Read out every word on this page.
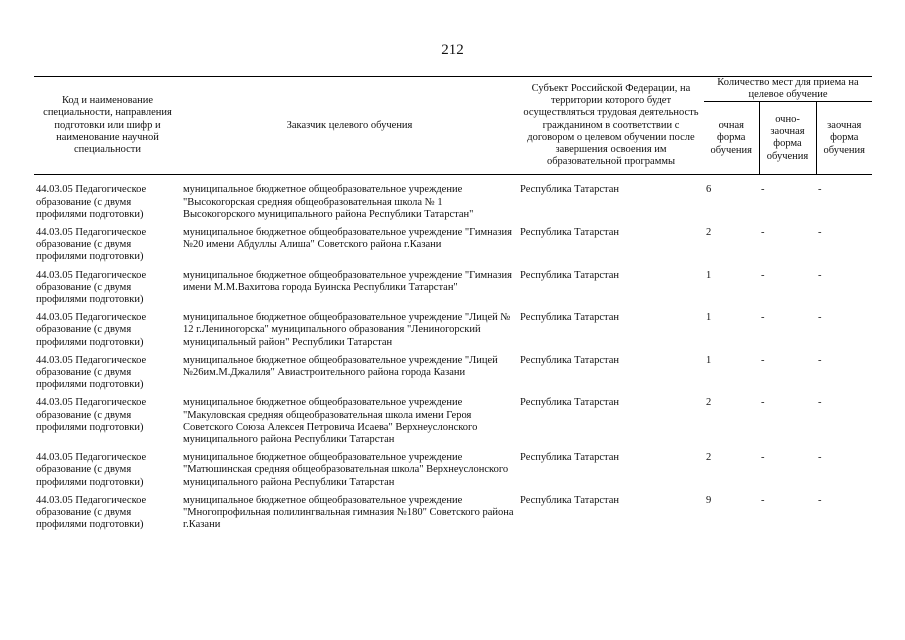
212
Код и наименование специальности, направления подготовки или шифр и наименование научной специальности	Заказчик целевого обучения	Субъект Российской Федерации, на территории которого будет осуществляться трудовая деятельность гражданином в соответствии с договором о целевом обучении после завершения освоения им образовательной программы	Количество мест для приема на целевое обучение		
			очная форма обучения	очно-заочная форма обучения	заочная форма обучения

44.03.05 Педагогическое образование (с двумя профилями подготовки)	муниципальное бюджетное общеобразовательное учреждение "Высокогорская средняя общеобразовательная школа № 1 Высокогорского муниципального района Республики Татарстан"	Республика Татарстан	6	-	-
44.03.05 Педагогическое образование (с двумя профилями подготовки)	муниципальное бюджетное общеобразовательное учреждение "Гимназия №20 имени Абдуллы Алиша" Советского района г.Казани	Республика Татарстан	2	-	-
44.03.05 Педагогическое образование (с двумя профилями подготовки)	муниципальное бюджетное общеобразовательное учреждение "Гимназия имени М.М.Вахитова города Буинска Республики Татарстан"	Республика Татарстан	1	-	-
44.03.05 Педагогическое образование (с двумя профилями подготовки)	муниципальное бюджетное общеобразовательное учреждение "Лицей № 12 г.Лениногорска" муниципального образования "Лениногорский муниципальный район" Республики Татарстан	Республика Татарстан	1	-	-
44.03.05 Педагогическое образование (с двумя профилями подготовки)	муниципальное бюджетное общеобразовательное учреждение "Лицей №26им.М.Джалиля" Авиастроительного района города Казани	Республика Татарстан	1	-	-
44.03.05 Педагогическое образование (с двумя профилями подготовки)	муниципальное бюджетное общеобразовательное учреждение "Макуловская средняя общеобразовательная школа имени Героя Советского Союза Алексея Петровича Исаева" Верхнеуслонского муниципального района Республики Татарстан	Республика Татарстан	2	-	-
44.03.05 Педагогическое образование (с двумя профилями подготовки)	муниципальное бюджетное общеобразовательное учреждение "Матюшинская средняя общеобразовательная школа" Верхнеуслонского муниципального района Республики Татарстан	Республика Татарстан	2	-	-
44.03.05 Педагогическое образование (с двумя профилями подготовки)	муниципальное бюджетное общеобразовательное учреждение "Многопрофильная полилингвальная гимназия №180" Советского района г.Казани	Республика Татарстан	9	-	-
